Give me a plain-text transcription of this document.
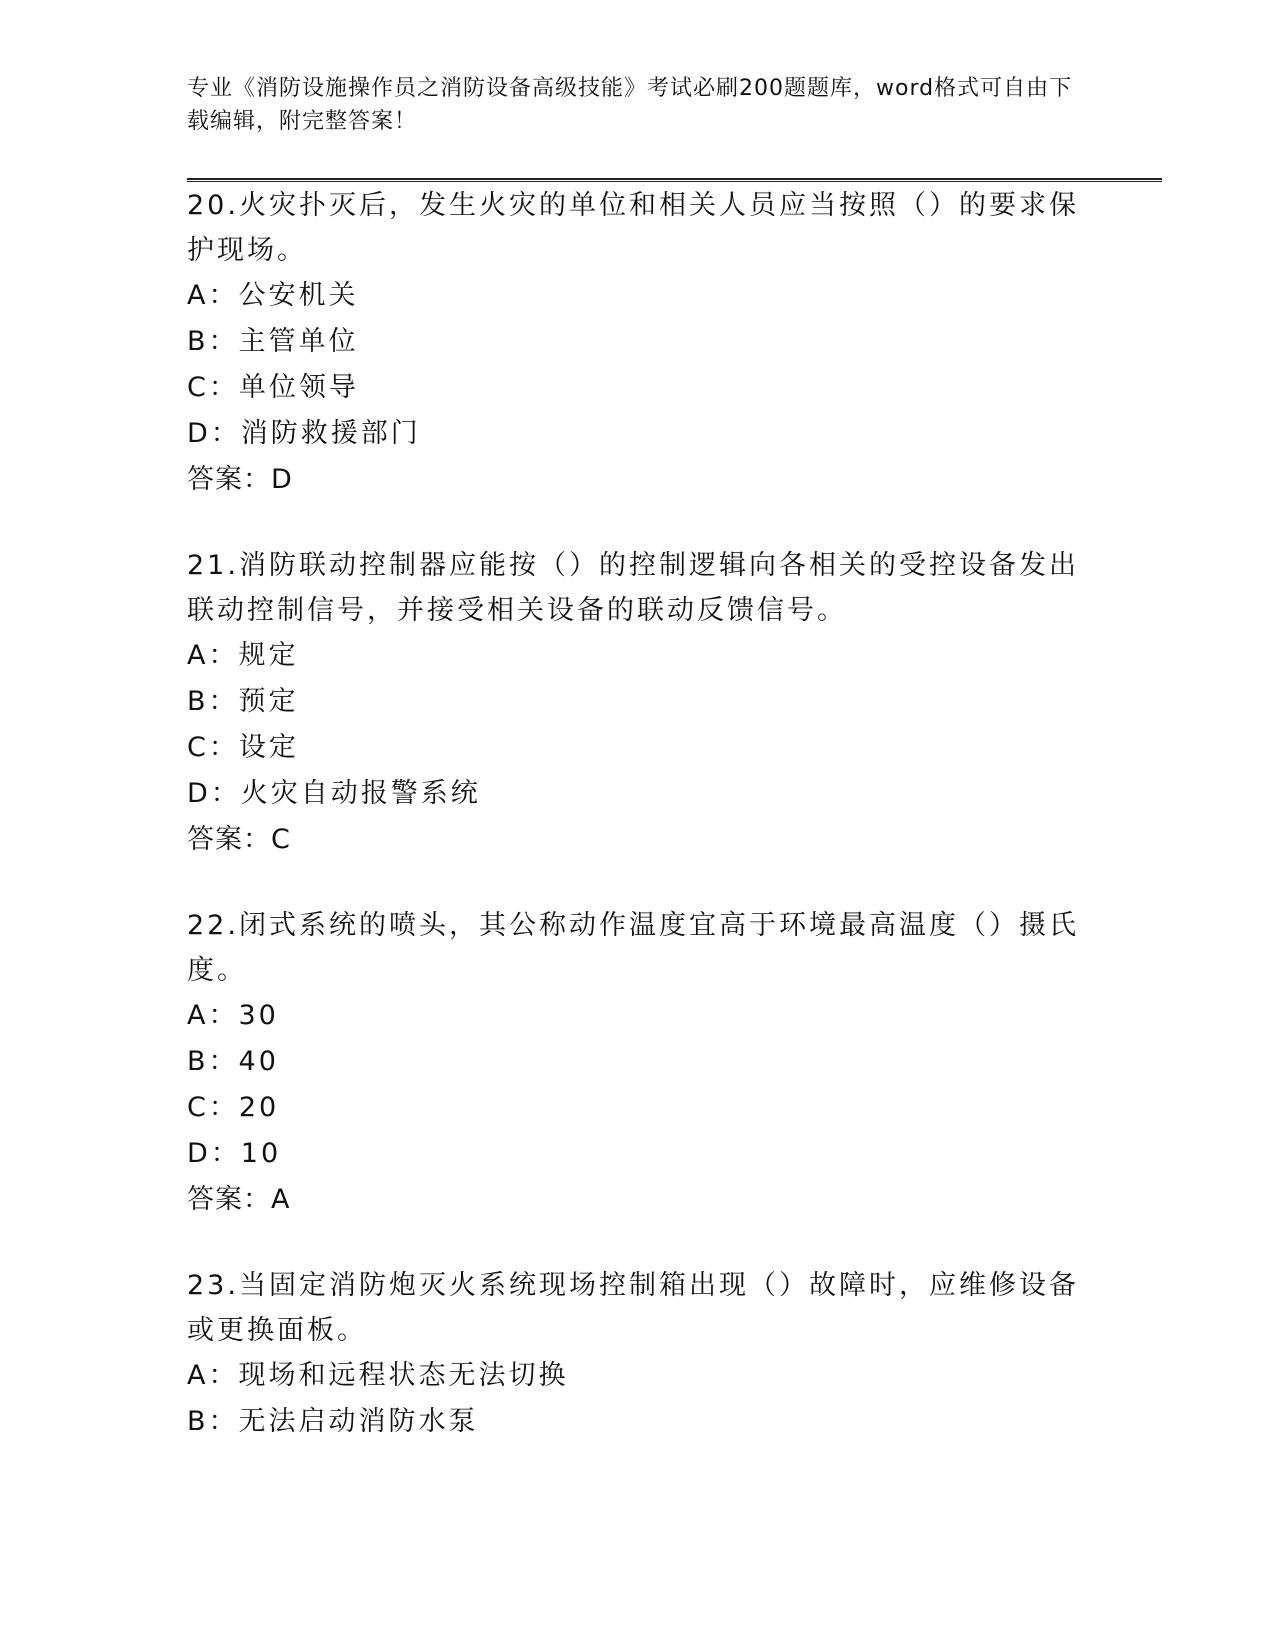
专业《消防设施操作员之消防设备高级技能》考试必刷200题题库，word格式可自由下载编辑，附完整答案！

20.火灾扑灭后，发生火灾的单位和相关人员应当按照（）的要求保护现场。

A：公安机关

B：主管单位

C：单位领导

D：消防救援部门

答案：D

21.消防联动控制器应能按（）的控制逻辑向各相关的受控设备发出联动控制信号，并接受相关设备的联动反馈信号。

A：规定

B：预定

C：设定

D：火灾自动报警系统

答案：C

22.闭式系统的喷头，其公称动作温度宜高于环境最高温度（）摄氏度。

A：30

B：40

C：20

D：10

答案：A

23.当固定消防炮灭火系统现场控制箱出现（）故障时，应维修设备或更换面板。

A：现场和远程状态无法切换

B：无法启动消防水泵
